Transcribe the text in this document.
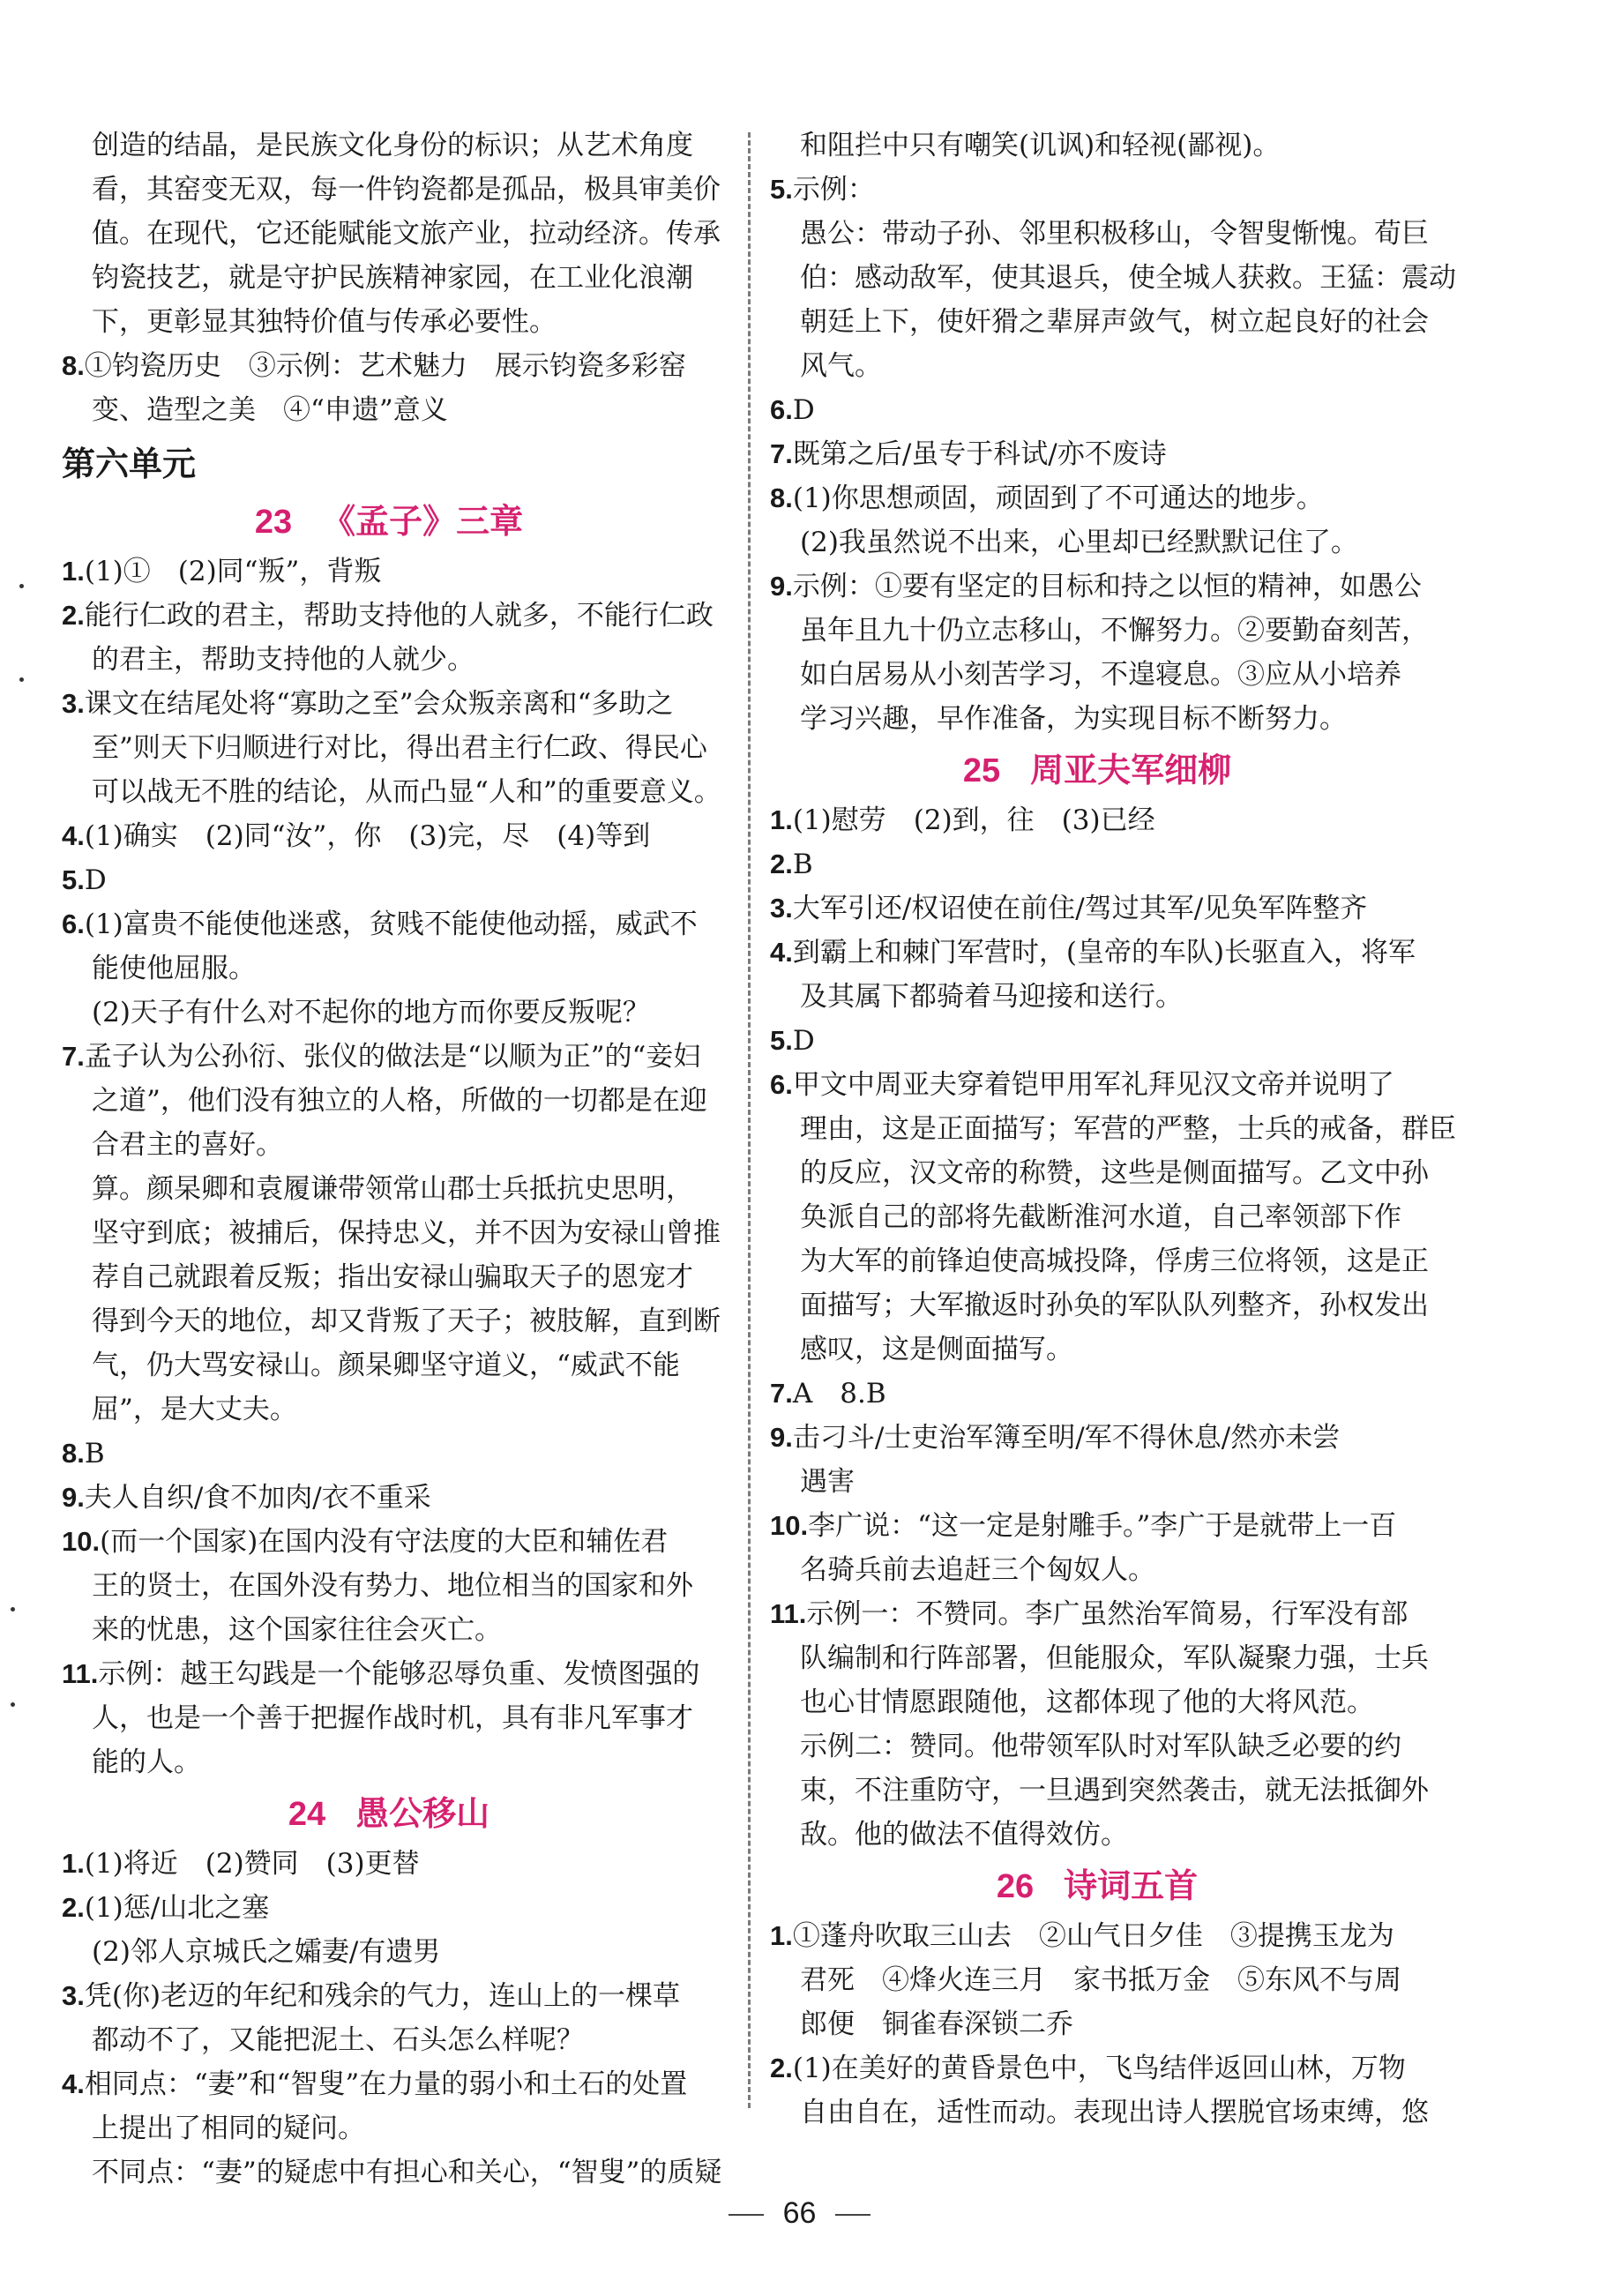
创造的结晶，是民族文化身份的标识；从艺术角度
看，其窑变无双，每一件钧瓷都是孤品，极具审美价
值。在现代，它还能赋能文旅产业，拉动经济。传承
钧瓷技艺，就是守护民族精神家园，在工业化浪潮
下，更彰显其独特价值与传承必要性。
8.①钧瓷历史　③示例：艺术魅力　展示钧瓷多彩窑
变、造型之美　④“申遗”意义
第六单元
23 《孟子》三章
1.(1)①　(2)同“叛”，背叛
2.能行仁政的君主，帮助支持他的人就多，不能行仁政
的君主，帮助支持他的人就少。
3.课文在结尾处将“寡助之至”会众叛亲离和“多助之
至”则天下归顺进行对比，得出君主行仁政、得民心
可以战无不胜的结论，从而凸显“人和”的重要意义。
4.(1)确实　(2)同“汝”，你　(3)完，尽　(4)等到
5.D
6.(1)富贵不能使他迷惑，贫贱不能使他动摇，威武不
能使他屈服。
(2)天子有什么对不起你的地方而你要反叛呢？
7.孟子认为公孙衍、张仪的做法是“以顺为正”的“妾妇
之道”，他们没有独立的人格，所做的一切都是在迎
合君主的喜好。
算。颜杲卿和袁履谦带领常山郡士兵抵抗史思明，
坚守到底；被捕后，保持忠义，并不因为安禄山曾推
荐自己就跟着反叛；指出安禄山骗取天子的恩宠才
得到今天的地位，却又背叛了天子；被肢解，直到断
气，仍大骂安禄山。颜杲卿坚守道义，“威武不能
屈”，是大丈夫。
8.B
9.夫人自织/食不加肉/衣不重采
10.(而一个国家)在国内没有守法度的大臣和辅佐君
王的贤士，在国外没有势力、地位相当的国家和外
来的忧患，这个国家往往会灭亡。
11.示例：越王勾践是一个能够忍辱负重、发愤图强的
人，也是一个善于把握作战时机，具有非凡军事才
能的人。
24 愚公移山
1.(1)将近　(2)赞同　(3)更替
2.(1)惩/山北之塞
(2)邻人京城氏之孀妻/有遗男
3.凭(你)老迈的年纪和残余的气力，连山上的一棵草
都动不了，又能把泥土、石头怎么样呢？
4.相同点：“妻”和“智叟”在力量的弱小和土石的处置
上提出了相同的疑问。
不同点：“妻”的疑虑中有担心和关心，“智叟”的质疑
和阻拦中只有嘲笑(讥讽)和轻视(鄙视)。
5.示例：
愚公：带动子孙、邻里积极移山，令智叟惭愧。荀巨
伯：感动敌军，使其退兵，使全城人获救。王猛：震动
朝廷上下，使奸猾之辈屏声敛气，树立起良好的社会
风气。
6.D
7.既第之后/虽专于科试/亦不废诗
8.(1)你思想顽固，顽固到了不可通达的地步。
(2)我虽然说不出来，心里却已经默默记住了。
9.示例：①要有坚定的目标和持之以恒的精神，如愚公
虽年且九十仍立志移山，不懈努力。②要勤奋刻苦，
如白居易从小刻苦学习，不遑寝息。③应从小培养
学习兴趣，早作准备，为实现目标不断努力。
25 周亚夫军细柳
1.(1)慰劳　(2)到，往　(3)已经
2.B
3.大军引还/权诏使在前住/驾过其军/见奂军阵整齐
4.到霸上和棘门军营时，(皇帝的车队)长驱直入，将军
及其属下都骑着马迎接和送行。
5.D
6.甲文中周亚夫穿着铠甲用军礼拜见汉文帝并说明了
理由，这是正面描写；军营的严整，士兵的戒备，群臣
的反应，汉文帝的称赞，这些是侧面描写。乙文中孙
奂派自己的部将先截断淮河水道，自己率领部下作
为大军的前锋迫使高城投降，俘虏三位将领，这是正
面描写；大军撤返时孙奂的军队队列整齐，孙权发出
感叹，这是侧面描写。
7.A　8.B
9.击刁斗/士吏治军簿至明/军不得休息/然亦未尝
遇害
10.李广说：“这一定是射雕手。”李广于是就带上一百
名骑兵前去追赶三个匈奴人。
11.示例一：不赞同。李广虽然治军简易，行军没有部
队编制和行阵部署，但能服众，军队凝聚力强，士兵
也心甘情愿跟随他，这都体现了他的大将风范。
示例二：赞同。他带领军队时对军队缺乏必要的约
束，不注重防守，一旦遇到突然袭击，就无法抵御外
敌。他的做法不值得效仿。
26 诗词五首
1.①蓬舟吹取三山去　②山气日夕佳　③提携玉龙为
君死　④烽火连三月　家书抵万金　⑤东风不与周
郎便　铜雀春深锁二乔
2.(1)在美好的黄昏景色中，飞鸟结伴返回山林，万物
自由自在，适性而动。表现出诗人摆脱官场束缚，悠
66
